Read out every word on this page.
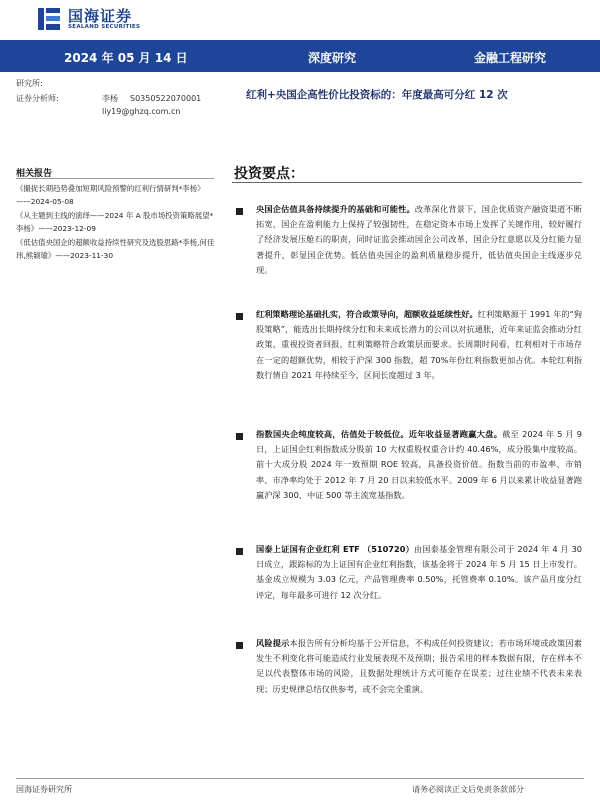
国海证券
SEALAND SECURITIES
2024 年 05 月 14 日	深度研究	金融工程研究
研究所:
证券分析师:	李杨 S0350522070001
liy19@ghzq.com.cn
红利+央国企高性价比投资标的：年度最高可分红 12 次
相关报告
《撮捉长期趋势叠加短期风险预警的红利行情研判*李杨》——2024-05-08
《从主题到主线的演绎——2024 年 A 股市场投资策略展望*李杨》——2023-12-09
《低估值央国企的超额收益持续性研究及选股思路*李杨,何佳玮,熊颖瑜》——2023-11-30
投资要点：
央国企估值具备持续提升的基础和可能性。改革深化背景下，国企优质资产融资渠道不断拓宽，国企在盈利能力上保持了较强韧性，在稳定资本市场上发挥了关键作用，较好履行了经济发展压舱石的职责，同时证监会推动国企公司改革，国企分红意愿以及分红能力显著提升，彰显国企优势。低估值央国企的盈利质量稳步提升，低估值央国企主线逐步兑现。
红利策略理论基础扎实，符合政策导向，超额收益延续性好。红利策略源于 1991 年的“狗股策略”，能选出长期持续分红和未来成长潜力的公司以对抗通胀，近年来证监会推动分红政策，重视投资者回报，红利策略符合政策层面要求。长周期时间看，红利相对于市场存在一定的超额优势，相较于沪深 300 指数，超 70%年份红利指数更加占优。本轮红利指数行情自 2021 年持续至今，区间长度超过 3 年。
指数国央企纯度较高，估值处于较低位。近年收益显著跑赢大盘。截至 2024 年 5 月 9 日，上证国企红利指数成分股前 10 大权重股权重合计约 40.46%，成分股集中度较高。前十大成分股 2024 年一致预期 ROE 较高，具备投资价值。指数当前的市盈率、市销率、市净率均处于 2012 年 7 月 20 日以来较低水平。2009 年 6 月以来累计收益显著跑赢沪深 300、中证 500 等主流宽基指数。
国泰上证国有企业红利 ETF （510720）由国泰基金管理有限公司于 2024 年 4 月 30 日成立，跟踪标的为上证国有企业红利指数，该基金将于 2024 年 5 月 15 日上市发行。基金成立规模为 3.03 亿元，产品管理费率 0.50%，托管费率 0.10%。该产品月度分红评定，每年最多可进行 12 次分红。
风险提示本报告所有分析均基于公开信息，不构成任何投资建议；若市场环境或政策因素发生不利变化将可能造成行业发展表现不及预期；报告采用的样本数据有限，存在样本不足以代表整体市场的风险，且数据处理统计方式可能存在误差；过往业绩不代表未来表现；历史规律总结仅供参考，或不会完全重演。
国海证券研究所	请务必阅读正文后免责条款部分
